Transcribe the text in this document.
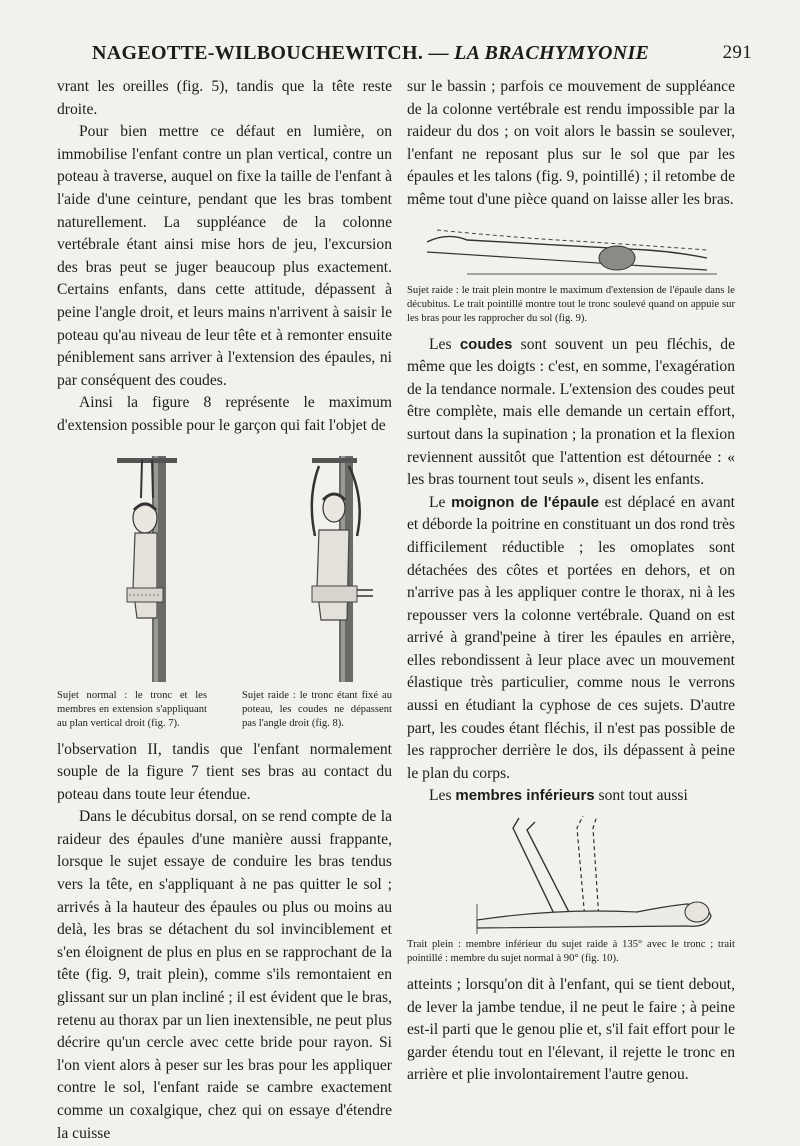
NAGEOTTE-WILBOUCHEWITCH. — LA BRACHYMYONIE	291

vrant les oreilles (fig. 5), tandis que la tête reste droite.

Pour bien mettre ce défaut en lumière, on immobilise l'enfant contre un plan vertical, contre un poteau à traverse, auquel on fixe la taille de l'enfant à l'aide d'une ceinture, pendant que les bras tombent naturellement. La suppléance de la colonne vertébrale étant ainsi mise hors de jeu, l'excursion des bras peut se juger beaucoup plus exactement. Certains enfants, dans cette attitude, dépassent à peine l'angle droit, et leurs mains n'arrivent à saisir le poteau qu'au niveau de leur tête et à remonter ensuite péniblement sans arriver à l'extension des épaules, ni par conséquent des coudes.

Ainsi la figure 8 représente le maximum d'extension possible pour le garçon qui fait l'objet de

Sujet normal : le tronc et les membres en extension s'appliquant au plan vertical droit (fig. 7).

Sujet raide : le tronc étant fixé au poteau, les coudes ne dépassent pas l'angle droit (fig. 8).

l'observation II, tandis que l'enfant normalement souple de la figure 7 tient ses bras au contact du poteau dans toute leur étendue.

Dans le décubitus dorsal, on se rend compte de la raideur des épaules d'une manière aussi frappante, lorsque le sujet essaye de conduire les bras tendus vers la tête, en s'appliquant à ne pas quitter le sol ; arrivés à la hauteur des épaules ou plus ou moins au delà, les bras se détachent du sol invinciblement et s'en éloignent de plus en plus en se rapprochant de la tête (fig. 9, trait plein), comme s'ils remontaient en glissant sur un plan incliné ; il est évident que le bras, retenu au thorax par un lien inextensible, ne peut plus décrire qu'un cercle avec cette bride pour rayon. Si l'on vient alors à peser sur les bras pour les appliquer contre le sol, l'enfant raide se cambre exactement comme un coxalgique, chez qui on essaye d'étendre la cuisse

sur le bassin ; parfois ce mouvement de suppléance de la colonne vertébrale est rendu impossible par la raideur du dos ; on voit alors le bassin se soulever, l'enfant ne reposant plus sur le sol que par les épaules et les talons (fig. 9, pointillé) ; il retombe de même tout d'une pièce quand on laisse aller les bras.

Sujet raide : le trait plein montre le maximum d'extension de l'épaule dans le décubitus. Le trait pointillé montre tout le tronc soulevé quand on appuie sur les bras pour les rapprocher du sol (fig. 9).

Les coudes sont souvent un peu fléchis, de même que les doigts : c'est, en somme, l'exagération de la tendance normale. L'extension des coudes peut être complète, mais elle demande un certain effort, surtout dans la supination ; la pronation et la flexion reviennent aussitôt que l'attention est détournée : « les bras tournent tout seuls », disent les enfants.

Le moignon de l'épaule est déplacé en avant et déborde la poitrine en constituant un dos rond très difficilement réductible ; les omoplates sont détachées des côtes et portées en dehors, et on n'arrive pas à les appliquer contre le thorax, ni à les repousser vers la colonne vertébrale. Quand on est arrivé à grand'peine à tirer les épaules en arrière, elles rebondissent à leur place avec un mouvement élastique très particulier, comme nous le verrons aussi en étudiant la cyphose de ces sujets. D'autre part, les coudes étant fléchis, il n'est pas possible de les rapprocher derrière le dos, ils dépassent à peine le plan du corps.

Les membres inférieurs sont tout aussi

Trait plein : membre inférieur du sujet raide à 135° avec le tronc ; trait pointillé : membre du sujet normal à 90° (fig. 10).

atteints ; lorsqu'on dit à l'enfant, qui se tient debout, de lever la jambe tendue, il ne peut le faire ; à peine est-il parti que le genou plie et, s'il fait effort pour le garder étendu tout en l'élevant, il rejette le tronc en arrière et plie involontairement l'autre genou.
